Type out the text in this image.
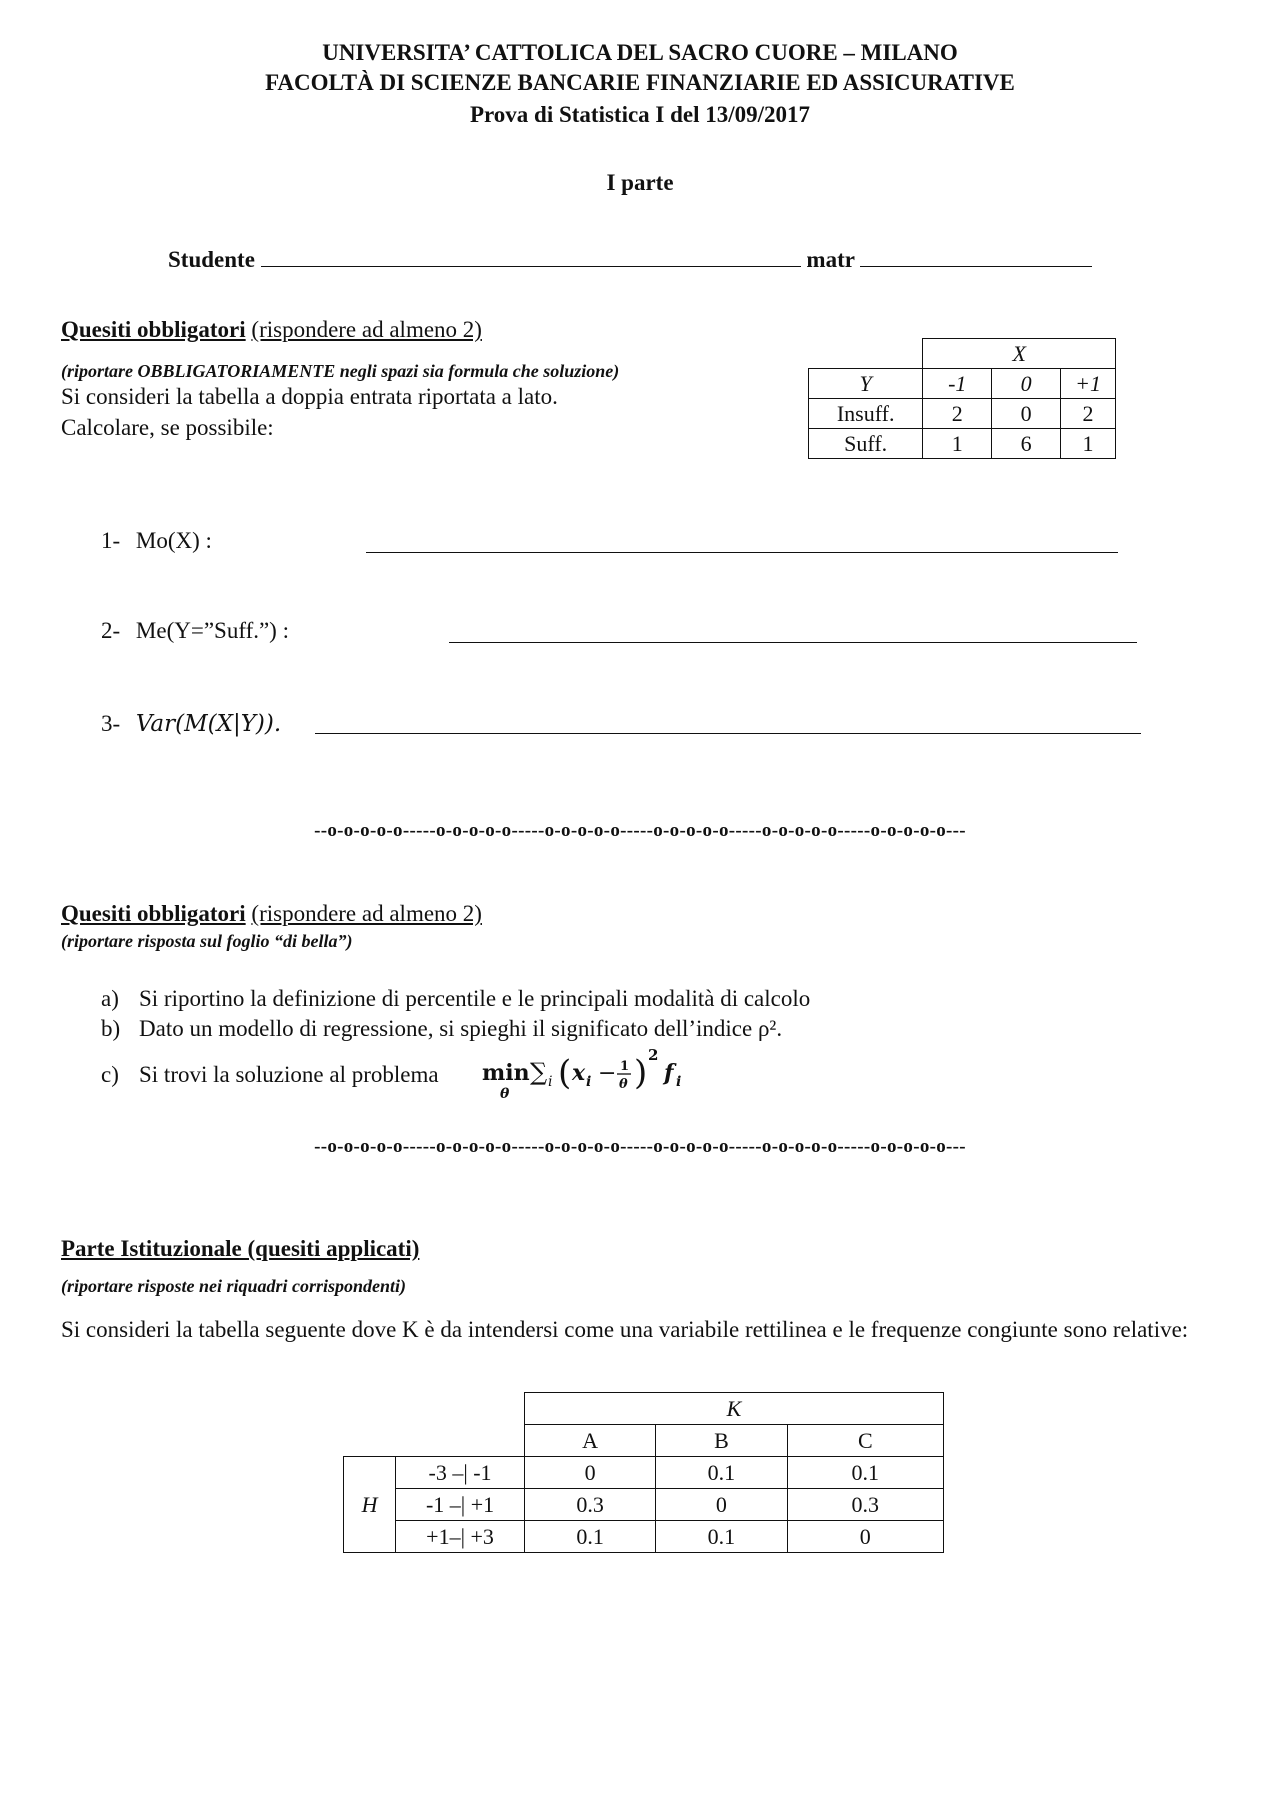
UNIVERSITA’ CATTOLICA DEL SACRO CUORE – MILANO
FACOLTÀ DI SCIENZE BANCARIE FINANZIARIE ED ASSICURATIVE
Prova di Statistica I del 13/09/2017
I parte
Studente	matr
Quesiti obbligatori (rispondere ad almeno 2)
(riportare OBBLIGATORIAMENTE negli spazi sia formula che soluzione)
Si consideri la tabella a doppia entrata riportata a lato.
Calcolare, se possibile:
	X		
Y	-1	0	+1
Insuff.	2	0	2
Suff.	1	6	1
1- Mo(X) :
2- Me(Y=”Suff.”) :
3- Var(M(X|Y)).
--o-o-o-o-o-----o-o-o-o-o-----o-o-o-o-o-----o-o-o-o-o-----o-o-o-o-o-----o-o-o-o-o---
Quesiti obbligatori (rispondere ad almeno 2)
(riportare risposta sul foglio “di bella”)
a) Si riportino la definizione di percentile e le principali modalità di calcolo
b) Dato un modello di regressione, si spieghi il significato dell’indice ρ².
c) Si trovi la soluzione al problema min
θ
∑ i ( x i − 1
θ ) 2
f i
--o-o-o-o-o-----o-o-o-o-o-----o-o-o-o-o-----o-o-o-o-o-----o-o-o-o-o-----o-o-o-o-o---
Parte Istituzionale (quesiti applicati)
(riportare risposte nei riquadri corrispondenti)
Si consideri la tabella seguente dove K è da intendersi come una variabile rettilinea e le frequenze congiunte sono relative:
		K		
		A	B	C
H	-3 –| -1	0	0.1	0.1
	-1 –| +1	0.3	0	0.3
	+1–| +3	0.1	0.1	0
